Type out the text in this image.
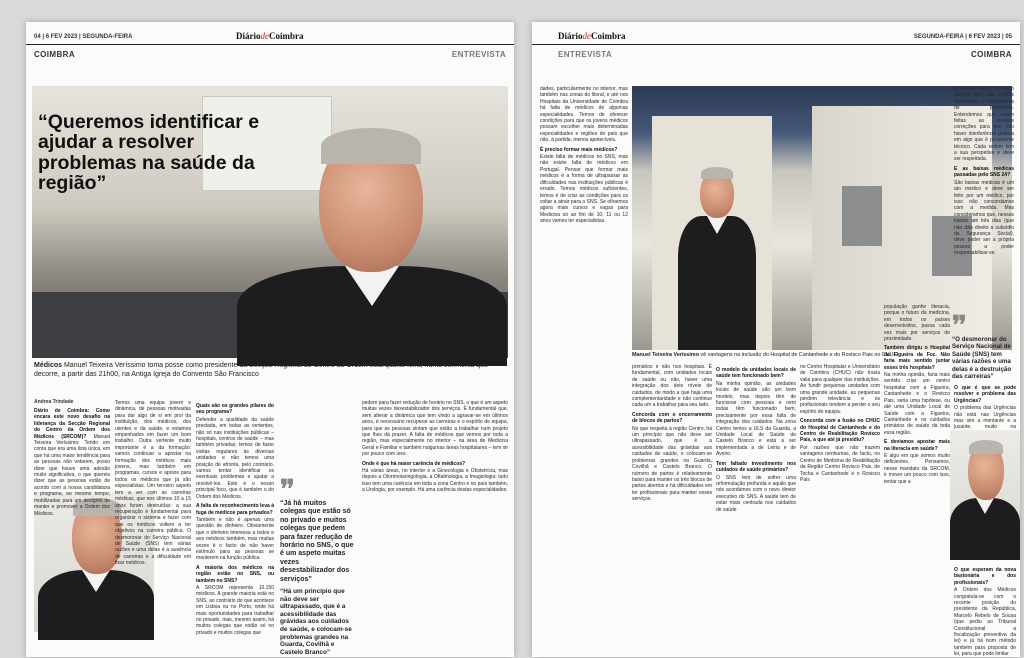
04 | 6 FEV 2023 | SEGUNDA-FEIRA	DiáriodeCoimbra
COIMBRA	ENTREVISTA
“Queremos identificar e ajudar a resolver problemas na saúde da região”
Médicos Manuel Teixeira Veríssimo toma posse como presidente da Secção Regional do Centro da Ordem esta quarta-feira, numa cerimónia que decorre, a partir das 21h00, na Antiga Igreja do Convento São Francisco
Andrea Trindade
Diário de Coimbra: Como encara este novo desafio na liderança da Secção Regional do Centro da Ordem dos Médicos (SRCOM)? Manuel Teixeira Veríssimo: Tendo em conta que era uma lista única, em que há uma maior tendência para as pessoas não votarem, posso dizer que houve uma adesão muito significativa, o que quereis dizer que as pessoas estão de acordo com a nossa candidatura e programa, ao mesmo tempo, mobilizadas para um desígnio de manter e promover a Ordem dos Médicos.
Temos uma equipa jovem e dinâmica, de pessoas motivadas para dar algo de si em prol da instituição, dos médicos, dos utentes e da saúde, e estamos empenhados em fazer um bom trabalho. Outra vertente muito importante é a da formação: vamos continuar a apostar na formação dos médicos mais jovens, mas também em programas, cursos e apoios para todos os médicos que já são especialistas. Um terceiro aspeto tem a ver com as carreiras médicas, que nos últimos 10 a 15 anos foram destruídas: a sua recuperação é fundamental para organizar o sistema e fazer com que os médicos voltem a ter objetivos na carreira pública. O desmoronar do Serviço Nacional de Saúde (SNS) tem várias razões e uma delas é a ausência de carreiras e a dificuldade em fixar médicos.
Quais são os grandes pilares do seu programa?
Defender a qualidade da saúde prestada, em todas as vertentes, não só nas instituições públicas – hospitais, centros de saúde – mas também privadas; temos de fazer visitas regulares às diversas unidades e não temos uma posição de afronta, pelo contrário, vamos tentar identificar os eventuais problemas e ajudar a resolvê-los. Este é o nosso principal foco, que é também o do Ordem dos Médicos.
A falta de reconhecimento leva à fuga de médicos para privados?
Também e não é apenas uma questão de dinheiro. Obviamente que o dinheiro interessa a todos e aos médicos também, mas muitas vezes é o facto de não haver estímulo para as pessoas se manterem na função pública.
A maioria dos médicos na região estão no SNS, ou também no SNS?
A SRCOM representa 10.150 médicos. A grande maioria está no SNS, ao contrário do que acontece em Lisboa ou no Porto, onde há mais oportunidades para trabalhar no privado, mas, mesmo assim, há muitos colegas que estão só no privado e muitos colegas que
❜❜
“Já há muitos colegas que estão só no privado e muitos colegas que pedem para fazer redução de horário no SNS, o que é um aspeto muitas vezes desestabilizador dos serviços”
“Há um princípio que não deve ser ultrapassado, que é a acessibilidade das grávidas aos cuidados de saúde, e colocam-se problemas grandes na Guarda, Covilhã e Castelo Branco”
pedem para fazer redução de horário no SNS, o que é um aspeto muitas vezes desestabilizador dos serviços. É fundamental que, sem alterar a dinâmica que tem vindo a agravar-se em últimos anos, é necessário recuperar as carreiras e o espírito de equipa, para que as pessoas sintam que estão a trabalhar num projeto que lhes dá prazer. A falta de médicos que vemos por toda a região, mas especialmente no interior – na área de Medicina Geral e Familiar e também nalgumas áreas hospitalares – tem vir por pouco com isso.
Onde é que há maior carência de médicos?
Há várias áreas, no interior e a Ginecologia e Obstetrícia, mas depois a Otorrinolaringologia, a Oftalmologia, a Imagiologia; tudo isso tem uma carência em toda a zona Centro e no país também, a Urologia, por exemplo. Há uma carência destas especialidades.
DiáriodeCoimbra	SEGUNDA-FEIRA | 6 FEV 2023 | 05
ENTREVISTA	COIMBRA
dades, particularmente no interior, mas também nas zonas do litoral, e até nos Hospitais da Universidade de Coimbra há falta de médicos de algumas especialidades. Temos de oferecer condições para que os jovens médicos possam escolher mais determinadas especialidades e regiões do país que não, à partida, menos apetecíveis.
É preciso formar mais médicos?
Existe falta de médicos no SNS, mas não existe falta de médicos em Portugal. Pensar que formar mais médicos é a forma de ultrapassar as dificuldades nas instituições públicas é errado. Temos médicos suficientes, temos é de criar as condições para os voltar a atrair para o SNS. Se olharmos agora mais cursos e vagas para Medicina só ao fim de 10, 11 ou 12 anos vamos ter especialistas.
Manuel Teixeira Veríssimo vê vantagens na inclusão do Hospital de Cantanhede e do Rovisco Pais no CHUC
primários e não nos hospitais. É fundamental, com unidades locais de saúde ou não, haver uma integração dos dois níveis de cuidados, de modo a que haja uma complementaridade e não continue cada um a trabalhar para seu lado.
Concorda com o encerramento de blocos de partos?
No que respeita à região Centro, há um princípio que não deve ser ultrapassado, que é a acessibilidade das grávidas aos cuidados de saúde, e colocam-se problemas grandes na Guarda, Covilhã e Castelo Branco. O número de partos é relativamente baixo para manter os três blocos de partos abertos e há dificuldades em ter profissionais para manter esses serviços.
O modelo de unidades locais de saúde tem funcionado bem?
Na minha opinião, as unidades locais de saúde são um bom modelo, mas depois têm de funcionar com pessoas e nem todas têm funcionado bem, precisamente por essa falta de integração dos cuidados. Na zona Centro temos a ULS da Guarda, a Unidade Local de Saúde de Castelo Branco e está a ser implementada a de Leiria e de Aveiro.
Tem faltado investimento nos cuidados de saúde primários?
O SNS tem de sofrer uma reformulação profunda e aquilo que nós acordámos com o novo diretor executivo do SNS. A saúde tem de estar mais centrada nos cuidados de saúde
no Centro Hospitalar e Universitário de Coimbra (CHUC) não trazia valia para qualquer das instituições. Ao fundir pequenas unidades com uma grande unidade, as pequenas perdem relevância e os profissionais tendem a perder o seu espírito de equipa.
Concorda com a fusão no CHUC do Hospital de Cantanhede e do Centro de Reabilitação Rovisco Pais, a que até já presidiu?
Por razões que não trazem vantagens nenhumas, de facto, no Centro de Medicina de Reabilitação da Região Centro Rovisco Pais, de Tocha e Cantanhede e o Rovisco Pais
população ganhe literacia, porque o futuro da medicina, em todos os países desenvolvidos, passa cada vez mais por serviços de proximidade.
Também dirigiu o Hospital da Figueira da Foz. Não faria mais sentido juntar esses três hospitais?
Na minha opinião, faria mais sentido criar um centro hospitalar com a Figueira, Cantanhede e o Rovisco Pais, seria uma hipótese, ou até uma Unidade Local de Saúde com a Figueira, Cantanhede e os cuidados primários de saúde da toda essa região.
E deviamos apostar mais na literacia em saúde?
É algo em que somos muito deficientes. Pensamos, nesse mandato da SRCOM, ir mover um pouco com isso, tentar que a
a autonomia e a ação daquilo que são órgãos autónomos e reguladores de profissões. Entendemos que sejam feitas as devidas correções para que não haver interferência política em algo que é puramente técnico. Cada ordem tem a sua perspetiva e deve ser respeitada.
E as baixas médicas passadas pelo SNS 24?
São baixas médicas é um ato médico e deve ser feito por um médico, por isso não concordamos com a medida. Mas consideramos que, nessas baixas até três dias (que não dão direito a subsídio da Segurança Social), deve poder ser a própria pessoa a poder responsabilizar-se.
❜❜
“O desmoronar do Serviço Nacional de Saúde (SNS) tem várias razões e uma delas é a destruição das carreiras”
O que é que se pode resolver e problema das Urgências?
O problema das Urgências não está nas Urgências mas sim a montante e a jusante, muito na
O que esperam da nova bastonária e dos profissionais?
A Ordem dos Médicos congratula-se com o recente posição do presidente da República, Marcelo Rebelo de Sousa (que pediu ao Tribunal Constitucional a fiscalização preventiva da lei) e já há bom método também para proposta de lei, para que pode limitar
